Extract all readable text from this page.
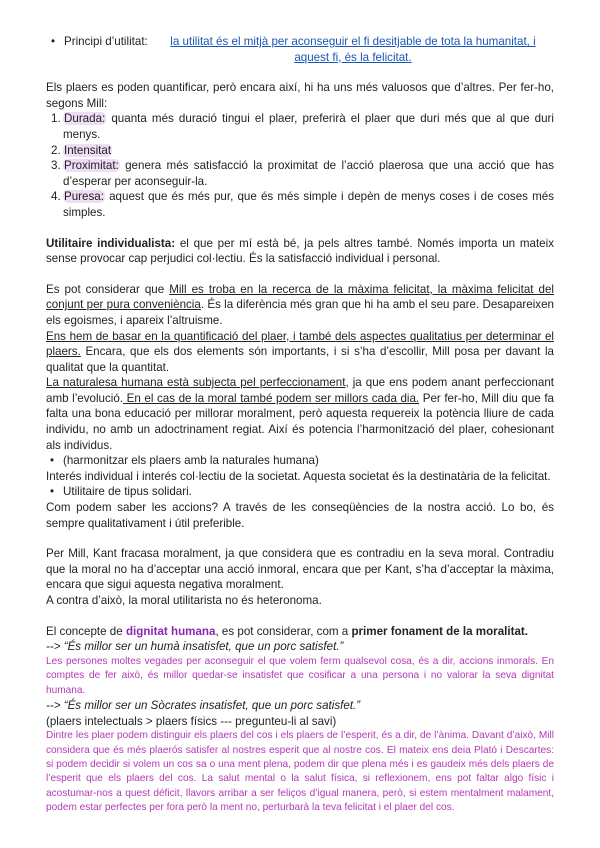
• Principi d’utilitat:	la utilitat és el mitjà per aconseguir el fi desitjable de tota la humanitat, i aquest fi, és la felicitat.

Els plaers es poden quantificar, però encara així, hi ha uns més valuosos que d’altres. Per fer-ho, segons Mill:

1. Durada: quanta més duració tingui el plaer, preferirà el plaer que duri més que al que duri menys.
2. Intensitat
3. Proximitat: genera més satisfacció la proximitat de l’acció plaerosa que una acció que has d’esperar per aconseguir-la.
4. Puresa: aquest que és més pur, que és més simple i depèn de menys coses i de coses més simples.

Utilitaire individualista: el que per mí està bé, ja pels altres també. Només importa un mateix sense provocar cap perjudici col·lectiu. És la satisfacció individual i personal.

Es pot considerar que Mill es troba en la recerca de la màxima felicitat, la màxima felicitat del conjunt per pura conveniència. És la diferència més gran que hi ha amb el seu pare. Desapareixen els egoismes, i apareix l’altruisme.

Ens hem de basar en la quantificació del plaer, i també dels aspectes qualitatius per determinar el plaers. Encara, que els dos elements són importants, i si s’ha d’escollir, Mill posa per davant la qualitat que la quantitat.

La naturalesa humana està subjecta pel perfeccionament, ja que ens podem anant perfeccionant amb l’evolució. En el cas de la moral també podem ser millors cada dia. Per fer-ho, Mill diu que fa falta una bona educació per millorar moralment, però aquesta requereix la potència lliure de cada individu, no amb un adoctrinament regiat. Així és potencia l’harmonització del plaer, cohesionant als individus.

• (harmonitzar els plaers amb la naturales humana)

Interés individual i interés col·lectiu de la societat. Aquesta societat és la destinatària de la felicitat.

• Utilitaire de tipus solidari.

Com podem saber les accions? A través de les conseqüències de la nostra acció. Lo bo, és sempre qualitativament i útil preferible.

Per Mill, Kant fracasa moralment, ja que considera que es contradiu en la seva moral. Contradiu que la moral no ha d’acceptar una acció inmoral, encara que per Kant, s’ha d’acceptar la màxima, encara que sigui aquesta negativa moralment.

A contra d’això, la moral utilitarista no és heteronoma.

El concepte de dignitat humana, es pot considerar, com a primer fonament de la moralitat.

--> “És millor ser un humà insatisfet, que un porc satisfet.”

Les persones moltes vegades per aconseguir el que volem ferm qualsevol cosa, és a dir, accions inmorals. En comptes de fer això, és millor quedar-se insatisfet que cosificar a una persona i no valorar la seva dignitat humana.

--> “És millor ser un Sòcrates insatisfet, que un porc satisfet.”

(plaers intelectuals > plaers físics --- preguntеu-li al savi)

Dintre les plaer podem distinguir els plaers del cos i els plaers de l’esperit, és a dir, de l’ànima. Davant d’això, Mill considera que és més plaerós satisfer al nostres esperit que al nostre cos. El mateix ens deia Plató i Descartes: si podem decidir si volem un cos sa o una ment plena, podem dir que plena més i es gaudeix més dels plaers de l’esperit que els plaers del cos. La salut mental o la salut física, si reflexionem, ens pot faltar algo físic i acostumar-nos a quest déficit, llavors arribar a ser feliços d’igual manera, però, si estem mentalment malament, podem estar perfectes per fora però la ment no, perturbarà la teva felicitat i el plaer del cos.
